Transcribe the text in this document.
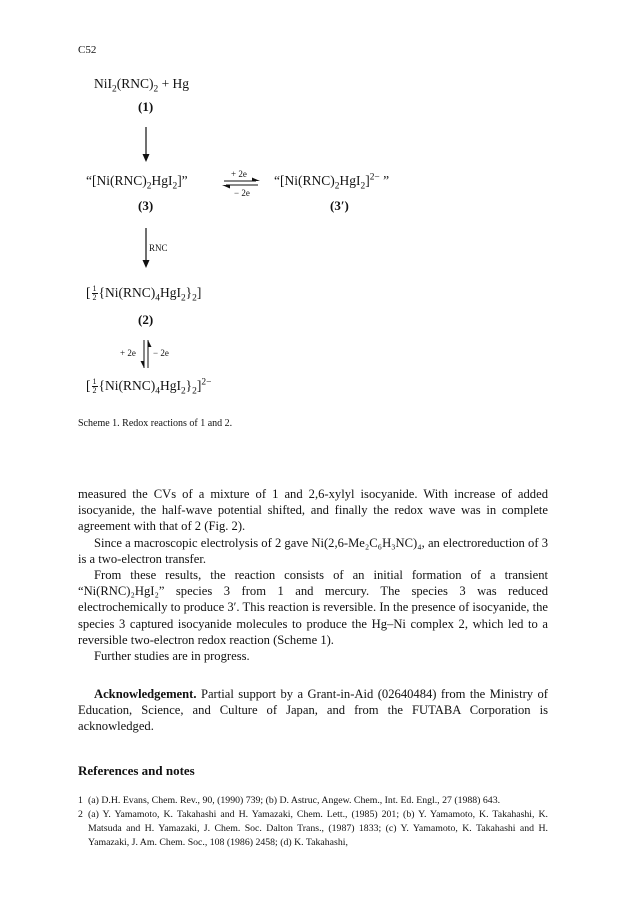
C52
$NiI_2(RNC)_2 + Hg$
(1)
“$[Ni(RNC)_2HgI_2]$”
(3)
+ 2e
− 2e
“$[Ni(RNC)_2HgI_2]^{2-}$ ”
(3′)
RNC
[ $\frac{1}{2} \{Ni(RNC)_4HgI_2\}_2$]
(2)
+ 2e − 2e
[ $\frac{1}{2} \{Ni(RNC)_4HgI_2\}_2]^{2-}$
Scheme 1. Redox reactions of 1 and 2.

measured the CVs of a mixture of 1 and 2,6-xylyl isocyanide. With increase of added isocyanide, the half-wave potential shifted, and finally the redox wave was in complete agreement with that of 2 (Fig. 2).

Since a macroscopic electrolysis of 2 gave Ni(2,6-Me₂C₆H₃NC)₄, an electroreduction of 3 is a two-electron transfer.

From these results, the reaction consists of an initial formation of a transient “Ni(RNC)₂HgI₂” species 3 from 1 and mercury. The species 3 was reduced electrochemically to produce 3′. This reaction is reversible. In the presence of isocyanide, the species 3 captured isocyanide molecules to produce the Hg–Ni complex 2, which led to a reversible two-electron redox reaction (Scheme 1).

Further studies are in progress.

Acknowledgement. Partial support by a Grant-in-Aid (02640484) from the Ministry of Education, Science, and Culture of Japan, and from the FUTABA Corporation is acknowledged.

References and notes
1 (a) D.H. Evans, Chem. Rev., 90, (1990) 739; (b) D. Astruc, Angew. Chem., Int. Ed. Engl., 27 (1988) 643.
2 (a) Y. Yamamoto, K. Takahashi and H. Yamazaki, Chem. Lett., (1985) 201; (b) Y. Yamamoto, K. Takahashi, K. Matsuda and H. Yamazaki, J. Chem. Soc. Dalton Trans., (1987) 1833; (c) Y. Yamamoto, K. Takahashi and H. Yamazaki, J. Am. Chem. Soc., 108 (1986) 2458; (d) K. Takahashi,
